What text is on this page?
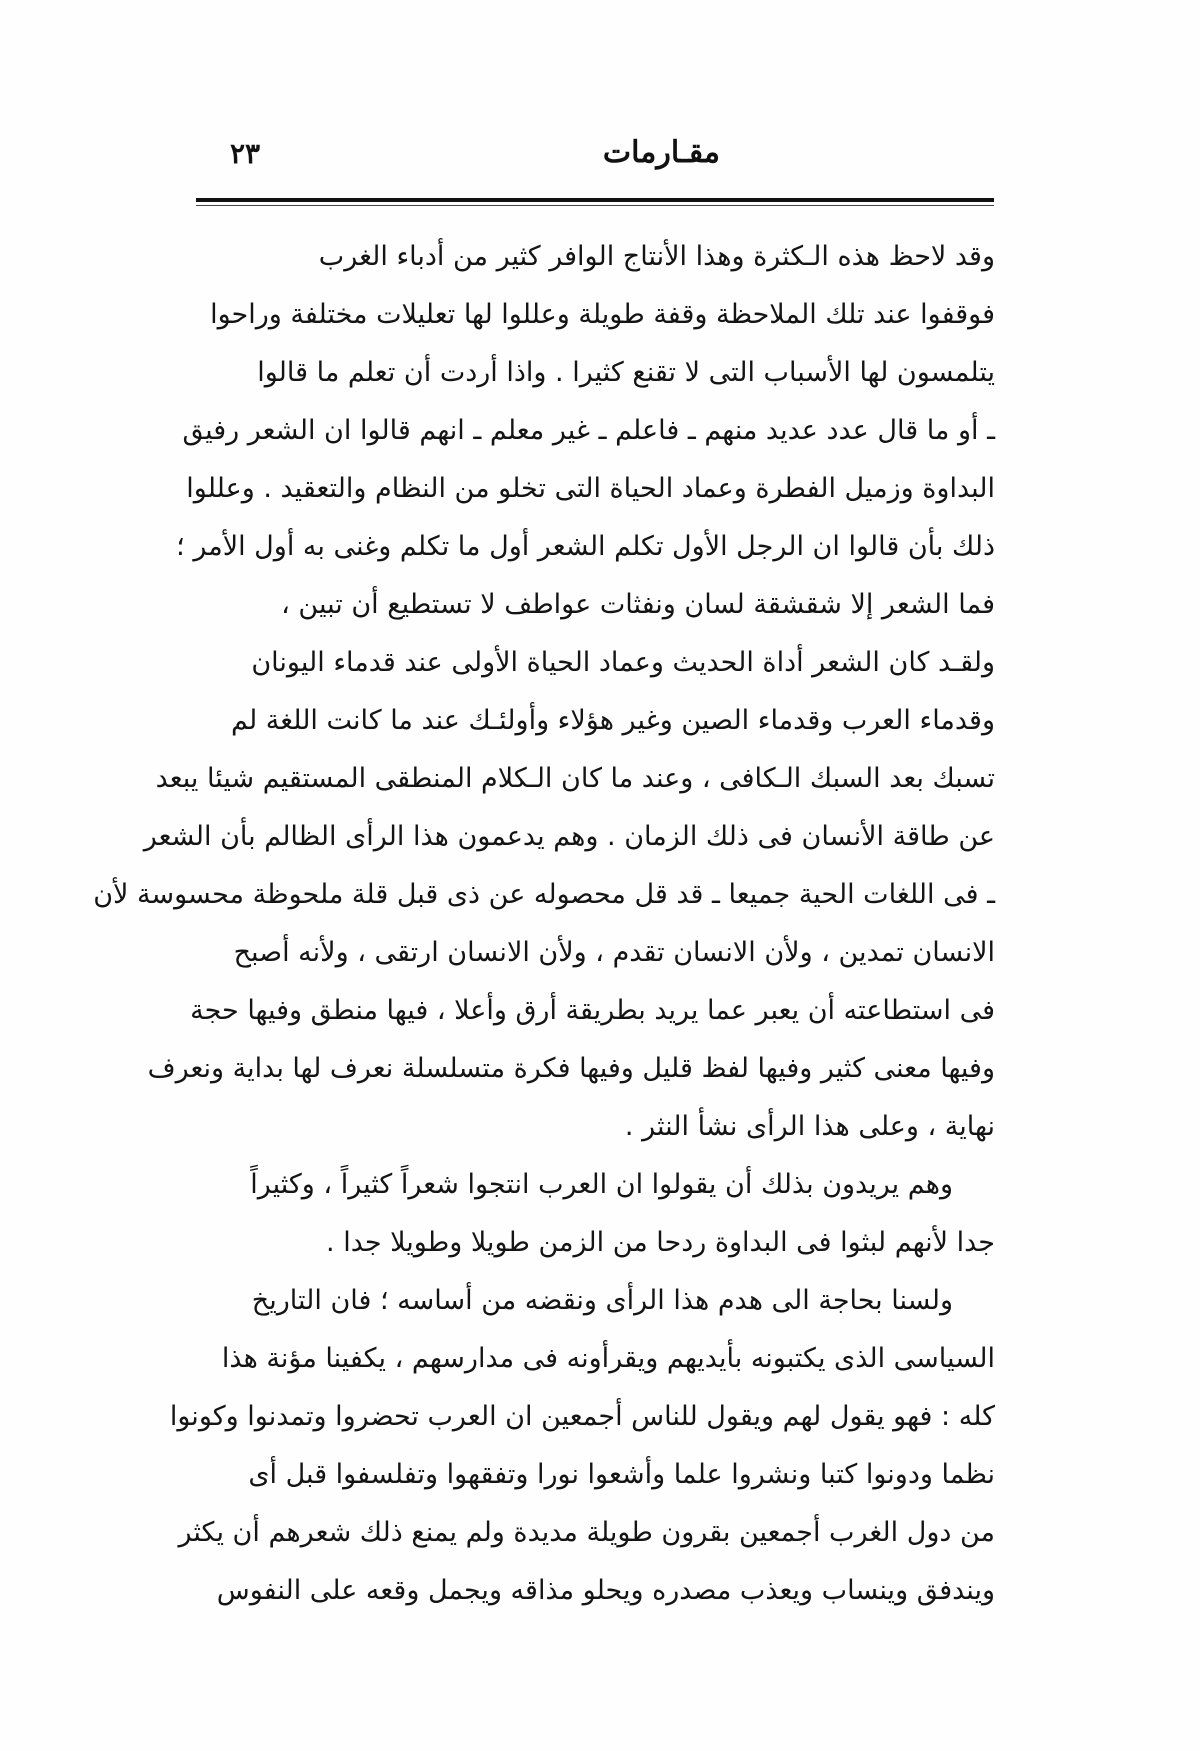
مقـارمات
٢٣
وقد لاحظ هذه الـكثرة وهذا الأنتاج الوافر كثير من أدباء الغرب
فوقفوا عند تلك الملاحظة وقفة طويلة وعللوا لها تعليلات مختلفة وراحوا
يتلمسون لها الأسباب التى لا تقنع كثيرا . واذا أردت أن تعلم ما قالوا
ـ أو ما قال عدد عديد منهم ـ فاعلم ـ غير معلم ـ انهم قالوا ان الشعر رفيق
البداوة وزميل الفطرة وعماد الحياة التى تخلو من النظام والتعقيد . وعللوا
ذلك بأن قالوا ان الرجل الأول تكلم الشعر أول ما تكلم وغنى به أول الأمر ؛
فما الشعر إلا شقشقة لسان ونفثات عواطف لا تستطيع أن تبين ،
ولقـد كان الشعر أداة الحديث وعماد الحياة الأولى عند قدماء اليونان
وقدماء العرب وقدماء الصين وغير هؤلاء وأولئـك عند ما كانت اللغة لم
تسبك بعد السبك الـكافى ، وعند ما كان الـكلام المنطقى المستقيم شيئا يبعد
عن طاقة الأنسان فى ذلك الزمان . وهم يدعمون هذا الرأى الظالم بأن الشعر
ـ فى اللغات الحية جميعا ـ قد قل محصوله عن ذى قبل قلة ملحوظة محسوسة لأن
الانسان تمدين ، ولأن الانسان تقدم ، ولأن الانسان ارتقى ، ولأنه أصبح
فى استطاعته أن يعبر عما يريد بطريقة أرق وأعلا ، فيها منطق وفيها حجة
وفيها معنى كثير وفيها لفظ قليل وفيها فكرة متسلسلة نعرف لها بداية ونعرف
نهاية ، وعلى هذا الرأى نشأ النثر .
وهم يريدون بذلك أن يقولوا ان العرب انتجوا شعراً كثيراً ، وكثيراً
جدا لأنهم لبثوا فى البداوة ردحا من الزمن طويلا وطويلا جدا .
ولسنا بحاجة الى هدم هذا الرأى ونقضه من أساسه ؛ فان التاريخ
السياسى الذى يكتبونه بأيديهم ويقرأونه فى مدارسهم ، يكفينا مؤنة هذا
كله : فهو يقول لهم ويقول للناس أجمعين ان العرب تحضروا وتمدنوا وكونوا
نظما ودونوا كتبا ونشروا علما وأشعوا نورا وتفقهوا وتفلسفوا قبل أى
من دول الغرب أجمعين بقرون طويلة مديدة ولم يمنع ذلك شعرهم أن يكثر
ويندفق وينساب ويعذب مصدره ويحلو مذاقه ويجمل وقعه على النفوس
